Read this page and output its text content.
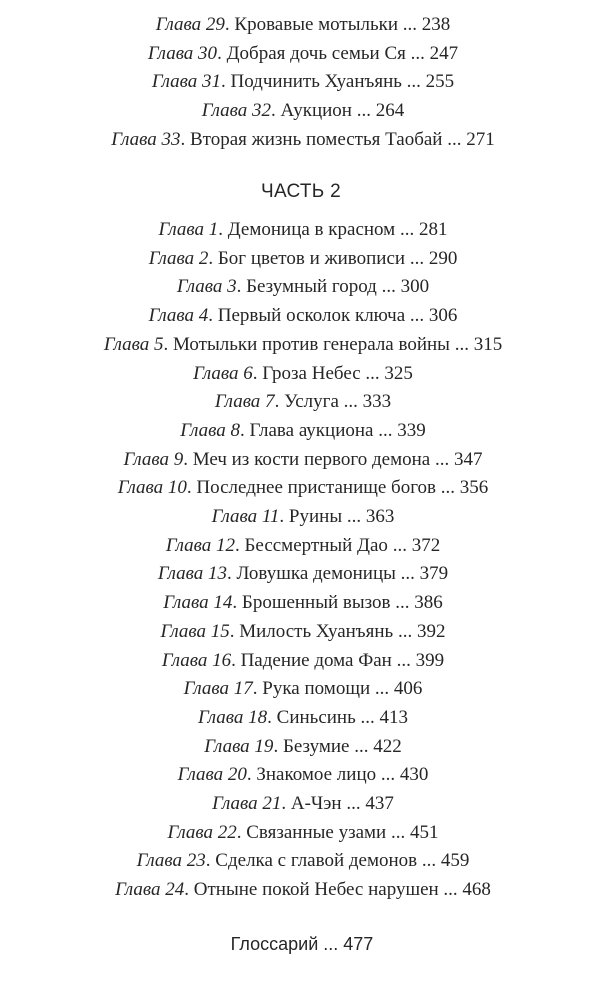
Глава 29. Кровавые мотыльки ... 238
Глава 30. Добрая дочь семьи Ся ... 247
Глава 31. Подчинить Хуанъянь ... 255
Глава 32. Аукцион ... 264
Глава 33. Вторая жизнь поместья Таобай ... 271
ЧАСТЬ 2
Глава 1. Демоница в красном ... 281
Глава 2. Бог цветов и живописи ... 290
Глава 3. Безумный город ... 300
Глава 4. Первый осколок ключа ... 306
Глава 5. Мотыльки против генерала войны ... 315
Глава 6. Гроза Небес ... 325
Глава 7. Услуга ... 333
Глава 8. Глава аукциона ... 339
Глава 9. Меч из кости первого демона ... 347
Глава 10. Последнее пристанище богов ... 356
Глава 11. Руины ... 363
Глава 12. Бессмертный Дао ... 372
Глава 13. Ловушка демоницы ... 379
Глава 14. Брошенный вызов ... 386
Глава 15. Милость Хуанъянь ... 392
Глава 16. Падение дома Фан ... 399
Глава 17. Рука помощи ... 406
Глава 18. Синьсинь ... 413
Глава 19. Безумие ... 422
Глава 20. Знакомое лицо ... 430
Глава 21. А-Чэн ... 437
Глава 22. Связанные узами ... 451
Глава 23. Сделка с главой демонов ... 459
Глава 24. Отныне покой Небес нарушен ... 468
Глоссарий ... 477
